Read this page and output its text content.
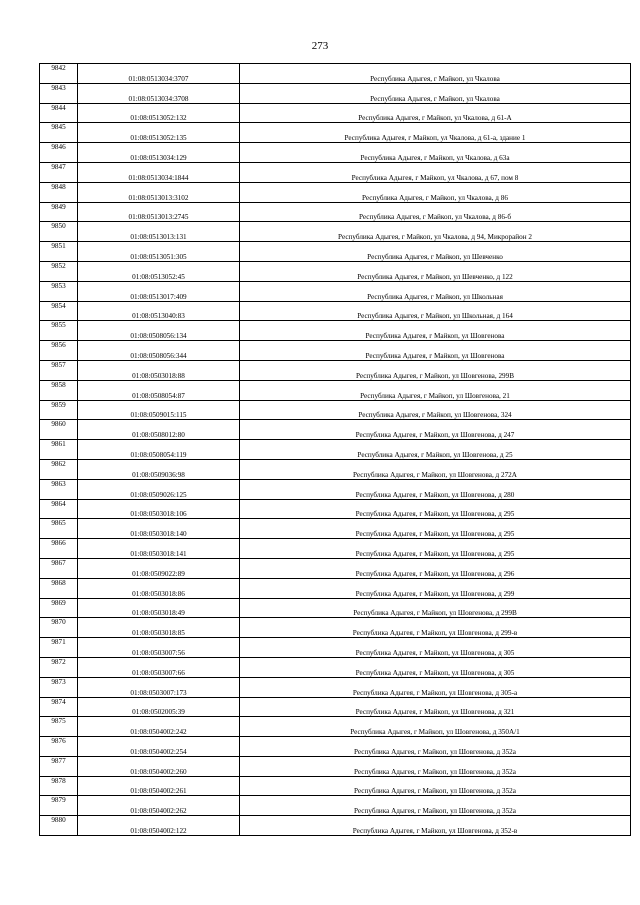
273
9842	01:08:0513034:3707	Республика Адыгея, г Майкоп, ул Чкалова
9843	01:08:0513034:3708	Республика Адыгея, г Майкоп, ул Чкалова
9844	01:08:0513052:132	Республика Адыгея, г Майкоп, ул Чкалова, д 61-А
9845	01:08:0513052:135	Республика Адыгея, г Майкоп, ул Чкалова, д 61-а, здание 1
9846	01:08:0513034:129	Республика Адыгея, г Майкоп, ул Чкалова, д 63а
9847	01:08:0513034:1844	Республика Адыгея, г Майкоп, ул Чкалова, д 67, пом 8
9848	01:08:0513013:3102	Республика Адыгея, г Майкоп, ул Чкалова, д 86
9849	01:08:0513013:2745	Республика Адыгея, г Майкоп, ул Чкалова, д 86-б
9850	01:08:0513013:131	Республика Адыгея, г Майкоп, ул Чкалова, д 94, Микрорайон 2
9851	01:08:0513051:305	Республика Адыгея, г Майкоп, ул Шевченко
9852	01:08:0513052:45	Республика Адыгея, г Майкоп, ул Шевченко, д 122
9853	01:08:0513017:409	Республика Адыгея, г Майкоп, ул Школьная
9854	01:08:0513040:83	Республика Адыгея, г Майкоп, ул Школьная, д 164
9855	01:08:0508056:134	Республика Адыгея, г Майкоп, ул Шовгенова
9856	01:08:0508056:344	Республика Адыгея, г Майкоп, ул Шовгенова
9857	01:08:0503018:88	Республика Адыгея, г Майкоп, ул Шовгенова, 299В
9858	01:08:0508054:87	Республика Адыгея, г Майкоп, ул Шовгенова, 21
9859	01:08:0509015:115	Республика Адыгея, г Майкоп, ул Шовгенова, 324
9860	01:08:0508012:80	Республика Адыгея, г Майкоп, ул Шовгенова, д 247
9861	01:08:0508054:119	Республика Адыгея, г Майкоп, ул Шовгенова, д 25
9862	01:08:0509036:98	Республика Адыгея, г Майкоп, ул Шовгенова, д 272А
9863	01:08:0509026:125	Республика Адыгея, г Майкоп, ул Шовгенова, д 280
9864	01:08:0503018:106	Республика Адыгея, г Майкоп, ул Шовгенова, д 295
9865	01:08:0503018:140	Республика Адыгея, г Майкоп, ул Шовгенова, д 295
9866	01:08:0503018:141	Республика Адыгея, г Майкоп, ул Шовгенова, д 295
9867	01:08:0509022:89	Республика Адыгея, г Майкоп, ул Шовгенова, д 296
9868	01:08:0503018:86	Республика Адыгея, г Майкоп, ул Шовгенова, д 299
9869	01:08:0503018:49	Республика Адыгея, г Майкоп, ул Шовгенова, д 299В
9870	01:08:0503018:85	Республика Адыгея, г Майкоп, ул Шовгенова, д 299-в
9871	01:08:0503007:56	Республика Адыгея, г Майкоп, ул Шовгенова, д 305
9872	01:08:0503007:66	Республика Адыгея, г Майкоп, ул Шовгенова, д 305
9873	01:08:0503007:173	Республика Адыгея, г Майкоп, ул Шовгенова, д 305-а
9874	01:08:0502005:39	Республика Адыгея, г Майкоп, ул Шовгенова, д 321
9875	01:08:0504002:242	Республика Адыгея, г Майкоп, ул Шовгенова, д 350А/1
9876	01:08:0504002:254	Республика Адыгея, г Майкоп, ул Шовгенова, д 352а
9877	01:08:0504002:260	Республика Адыгея, г Майкоп, ул Шовгенова, д 352а
9878	01:08:0504002:261	Республика Адыгея, г Майкоп, ул Шовгенова, д 352а
9879	01:08:0504002:262	Республика Адыгея, г Майкоп, ул Шовгенова, д 352а
9880	01:08:0504002:122	Республика Адыгея, г Майкоп, ул Шовгенова, д 352-в
